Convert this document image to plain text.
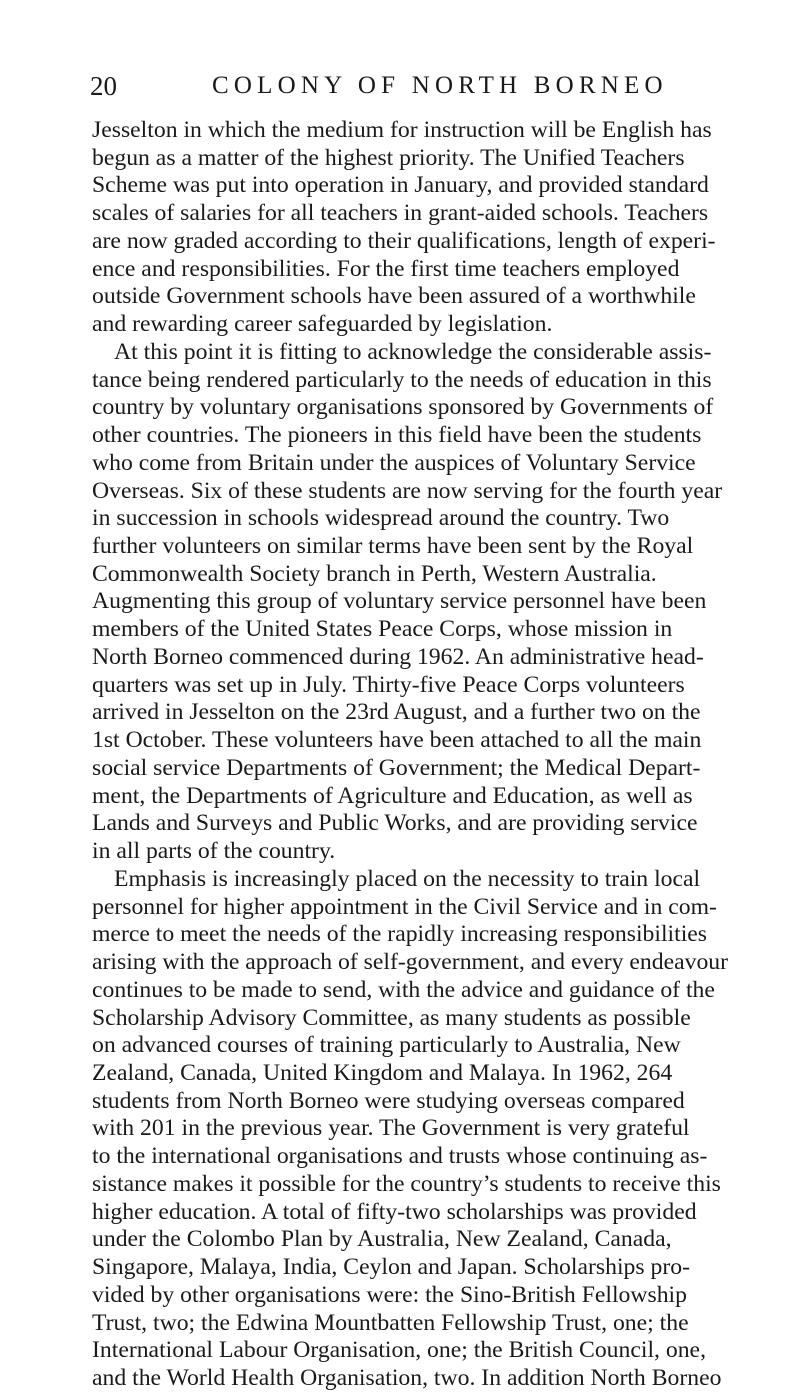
20	COLONY OF NORTH BORNEO
Jesselton in which the medium for instruction will be English has
begun as a matter of the highest priority. The Unified Teachers
Scheme was put into operation in January, and provided standard
scales of salaries for all teachers in grant-aided schools. Teachers
are now graded according to their qualifications, length of experi-
ence and responsibilities. For the first time teachers employed
outside Government schools have been assured of a worthwhile
and rewarding career safeguarded by legislation.
At this point it is fitting to acknowledge the considerable assis-
tance being rendered particularly to the needs of education in this
country by voluntary organisations sponsored by Governments of
other countries. The pioneers in this field have been the students
who come from Britain under the auspices of Voluntary Service
Overseas. Six of these students are now serving for the fourth year
in succession in schools widespread around the country. Two
further volunteers on similar terms have been sent by the Royal
Commonwealth Society branch in Perth, Western Australia.
Augmenting this group of voluntary service personnel have been
members of the United States Peace Corps, whose mission in
North Borneo commenced during 1962. An administrative head-
quarters was set up in July. Thirty-five Peace Corps volunteers
arrived in Jesselton on the 23rd August, and a further two on the
1st October. These volunteers have been attached to all the main
social service Departments of Government; the Medical Depart-
ment, the Departments of Agriculture and Education, as well as
Lands and Surveys and Public Works, and are providing service
in all parts of the country.
Emphasis is increasingly placed on the necessity to train local
personnel for higher appointment in the Civil Service and in com-
merce to meet the needs of the rapidly increasing responsibilities
arising with the approach of self-government, and every endeavour
continues to be made to send, with the advice and guidance of the
Scholarship Advisory Committee, as many students as possible
on advanced courses of training particularly to Australia, New
Zealand, Canada, United Kingdom and Malaya. In 1962, 264
students from North Borneo were studying overseas compared
with 201 in the previous year. The Government is very grateful
to the international organisations and trusts whose continuing as-
sistance makes it possible for the country’s students to receive this
higher education. A total of fifty-two scholarships was provided
under the Colombo Plan by Australia, New Zealand, Canada,
Singapore, Malaya, India, Ceylon and Japan. Scholarships pro-
vided by other organisations were: the Sino-British Fellowship
Trust, two; the Edwina Mountbatten Fellowship Trust, one; the
International Labour Organisation, one; the British Council, one,
and the World Health Organisation, two. In addition North Borneo
